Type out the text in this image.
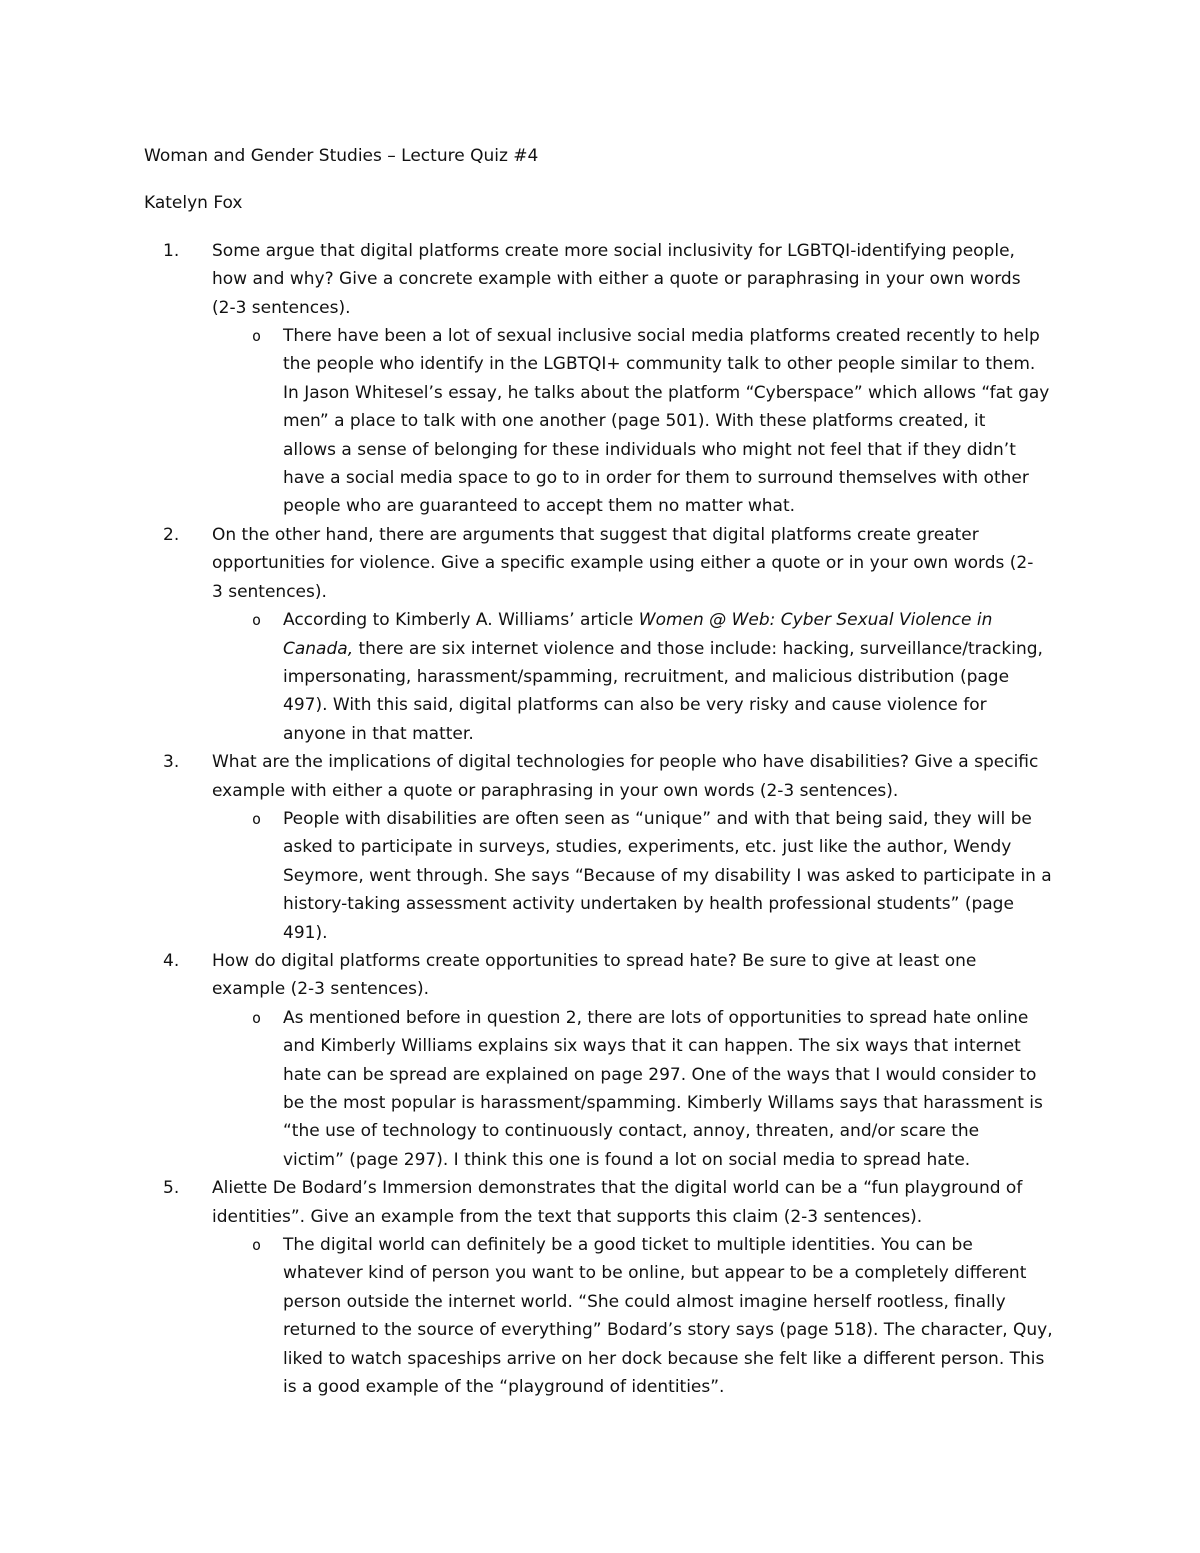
Woman and Gender Studies – Lecture Quiz #4

Katelyn Fox

1. Some argue that digital platforms create more social inclusivity for LGBTQI-identifying people,
how and why? Give a concrete example with either a quote or paraphrasing in your own words
(2-3 sentences).
o There have been a lot of sexual inclusive social media platforms created recently to help
the people who identify in the LGBTQI+ community talk to other people similar to them.
In Jason Whitesel’s essay, he talks about the platform “Cyberspace” which allows “fat gay
men” a place to talk with one another (page 501). With these platforms created, it
allows a sense of belonging for these individuals who might not feel that if they didn’t
have a social media space to go to in order for them to surround themselves with other
people who are guaranteed to accept them no matter what.
2. On the other hand, there are arguments that suggest that digital platforms create greater
opportunities for violence. Give a specific example using either a quote or in your own words (2-
3 sentences).
o According to Kimberly A. Williams’ article Women @ Web: Cyber Sexual Violence in
Canada, there are six internet violence and those include: hacking, surveillance/tracking,
impersonating, harassment/spamming, recruitment, and malicious distribution (page
497). With this said, digital platforms can also be very risky and cause violence for
anyone in that matter.
3. What are the implications of digital technologies for people who have disabilities? Give a specific
example with either a quote or paraphrasing in your own words (2-3 sentences).
o People with disabilities are often seen as “unique” and with that being said, they will be
asked to participate in surveys, studies, experiments, etc. just like the author, Wendy
Seymore, went through. She says “Because of my disability I was asked to participate in a
history-taking assessment activity undertaken by health professional students” (page
491).
4. How do digital platforms create opportunities to spread hate? Be sure to give at least one
example (2-3 sentences).
o As mentioned before in question 2, there are lots of opportunities to spread hate online
and Kimberly Williams explains six ways that it can happen. The six ways that internet
hate can be spread are explained on page 297. One of the ways that I would consider to
be the most popular is harassment/spamming. Kimberly Willams says that harassment is
“the use of technology to continuously contact, annoy, threaten, and/or scare the
victim” (page 297). I think this one is found a lot on social media to spread hate.
5. Aliette De Bodard’s Immersion demonstrates that the digital world can be a “fun playground of
identities”. Give an example from the text that supports this claim (2-3 sentences).
o The digital world can definitely be a good ticket to multiple identities. You can be
whatever kind of person you want to be online, but appear to be a completely different
person outside the internet world. “She could almost imagine herself rootless, finally
returned to the source of everything” Bodard’s story says (page 518). The character, Quy,
liked to watch spaceships arrive on her dock because she felt like a different person. This
is a good example of the “playground of identities”.
